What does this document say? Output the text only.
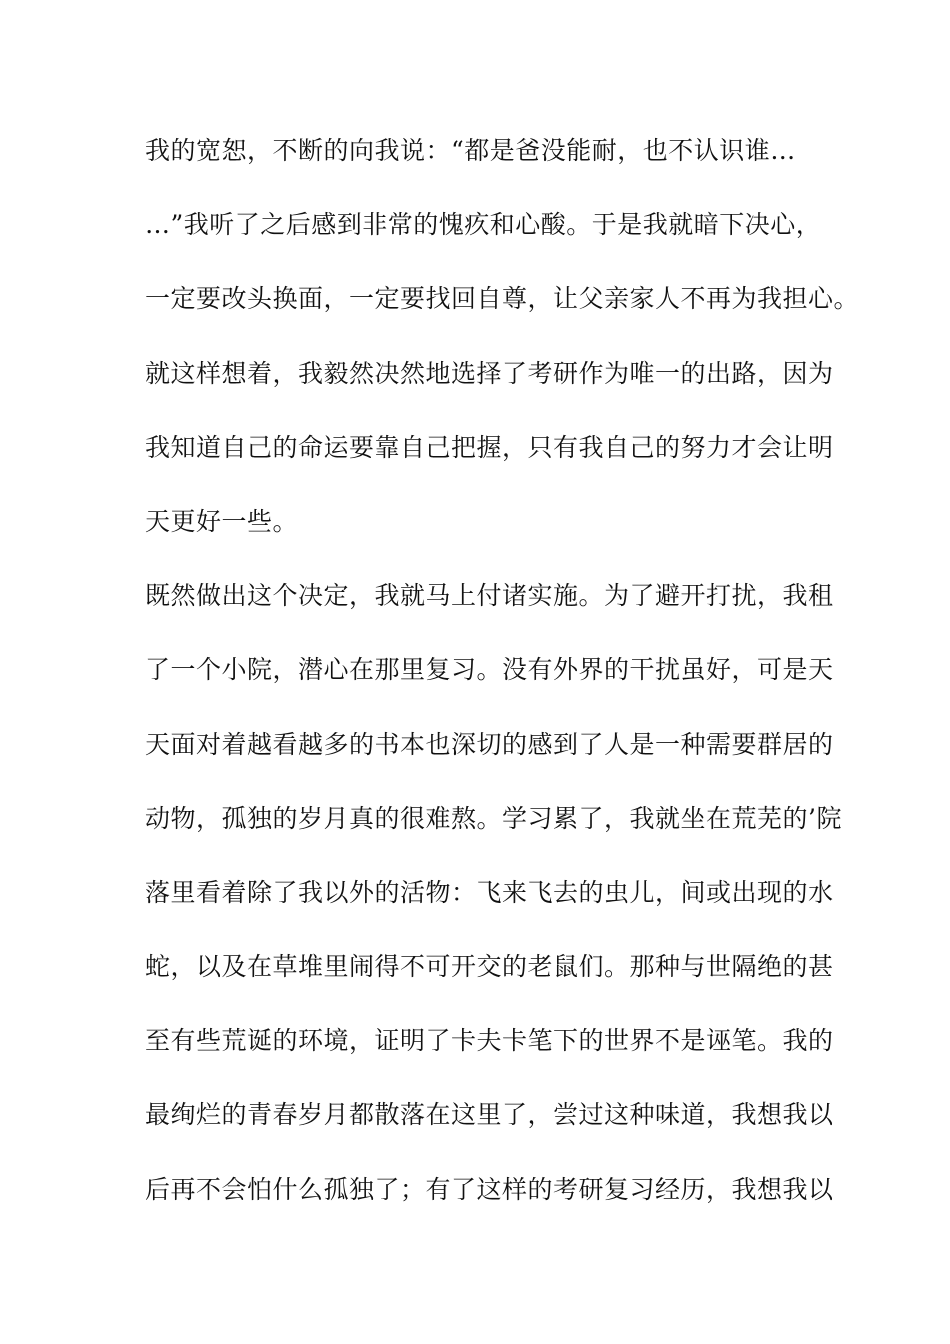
我的宽恕，不断的向我说：“都是爸没能耐，也不认识谁…
…”我听了之后感到非常的愧疚和心酸。于是我就暗下决心，
一定要改头换面，一定要找回自尊，让父亲家人不再为我担心。
就这样想着，我毅然决然地选择了考研作为唯一的出路，因为
我知道自己的命运要靠自己把握，只有我自己的努力才会让明
天更好一些。
既然做出这个决定，我就马上付诸实施。为了避开打扰，我租
了一个小院，潜心在那里复习。没有外界的干扰虽好，可是天
天面对着越看越多的书本也深切的感到了人是一种需要群居的
动物，孤独的岁月真的很难熬。学习累了，我就坐在荒芜的’院
落里看着除了我以外的活物：飞来飞去的虫儿，间或出现的水
蛇，以及在草堆里闹得不可开交的老鼠们。那种与世隔绝的甚
至有些荒诞的环境，证明了卡夫卡笔下的世界不是诬笔。我的
最绚烂的青春岁月都散落在这里了，尝过这种味道，我想我以
后再不会怕什么孤独了；有了这样的考研复习经历，我想我以
